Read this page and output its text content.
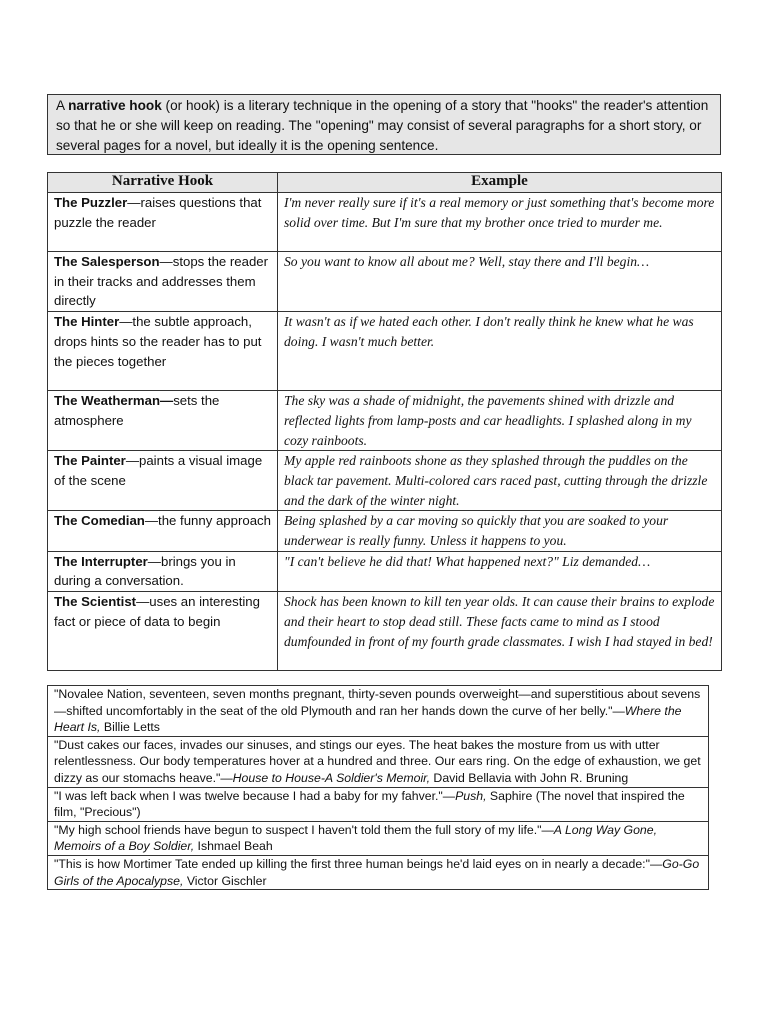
A narrative hook (or hook) is a literary technique in the opening of a story that "hooks" the reader's attention so that he or she will keep on reading. The "opening" may consist of several paragraphs for a short story, or several pages for a novel, but ideally it is the opening sentence.
Narrative Hook	Example
The Puzzler—raises questions that puzzle the reader	I'm never really sure if it's a real memory or just something that's become more solid over time. But I'm sure that my brother once tried to murder me.
The Salesperson—stops the reader in their tracks and addresses them directly	So you want to know all about me? Well, stay there and I'll begin…
The Hinter—the subtle approach, drops hints so the reader has to put the pieces together	It wasn't as if we hated each other. I don't really think he knew what he was doing. I wasn't much better.
The Weatherman—sets the atmosphere	The sky was a shade of midnight, the pavements shined with drizzle and reflected lights from lamp-posts and car headlights. I splashed along in my cozy rainboots.
The Painter—paints a visual image of the scene	My apple red rainboots shone as they splashed through the puddles on the black tar pavement. Multi-colored cars raced past, cutting through the drizzle and the dark of the winter night.
The Comedian—the funny approach	Being splashed by a car moving so quickly that you are soaked to your underwear is really funny. Unless it happens to you.
The Interrupter—brings you in during a conversation.	"I can't believe he did that! What happened next?" Liz demanded…
The Scientist—uses an interesting fact or piece of data to begin	Shock has been known to kill ten year olds. It can cause their brains to explode and their heart to stop dead still. These facts came to mind as I stood dumfounded in front of my fourth grade classmates. I wish I had stayed in bed!
"Novalee Nation, seventeen, seven months pregnant, thirty-seven pounds overweight—and superstitious about sevens—shifted uncomfortably in the seat of the old Plymouth and ran her hands down the curve of her belly."—Where the Heart Is, Billie Letts
"Dust cakes our faces, invades our sinuses, and stings our eyes. The heat bakes the mosture from us with utter relentlessness. Our body temperatures hover at a hundred and three. Our ears ring. On the edge of exhaustion, we get dizzy as our stomachs heave."—House to House-A Soldier's Memoir, David Bellavia with John R. Bruning
"I was left back when I was twelve because I had a baby for my fahver."—Push, Saphire (The novel that inspired the film, "Precious")
"My high school friends have begun to suspect I haven't told them the full story of my life."—A Long Way Gone, Memoirs of a Boy Soldier, Ishmael Beah
"This is how Mortimer Tate ended up killing the first three human beings he'd laid eyes on in nearly a decade:"—Go-Go Girls of the Apocalypse, Victor Gischler
